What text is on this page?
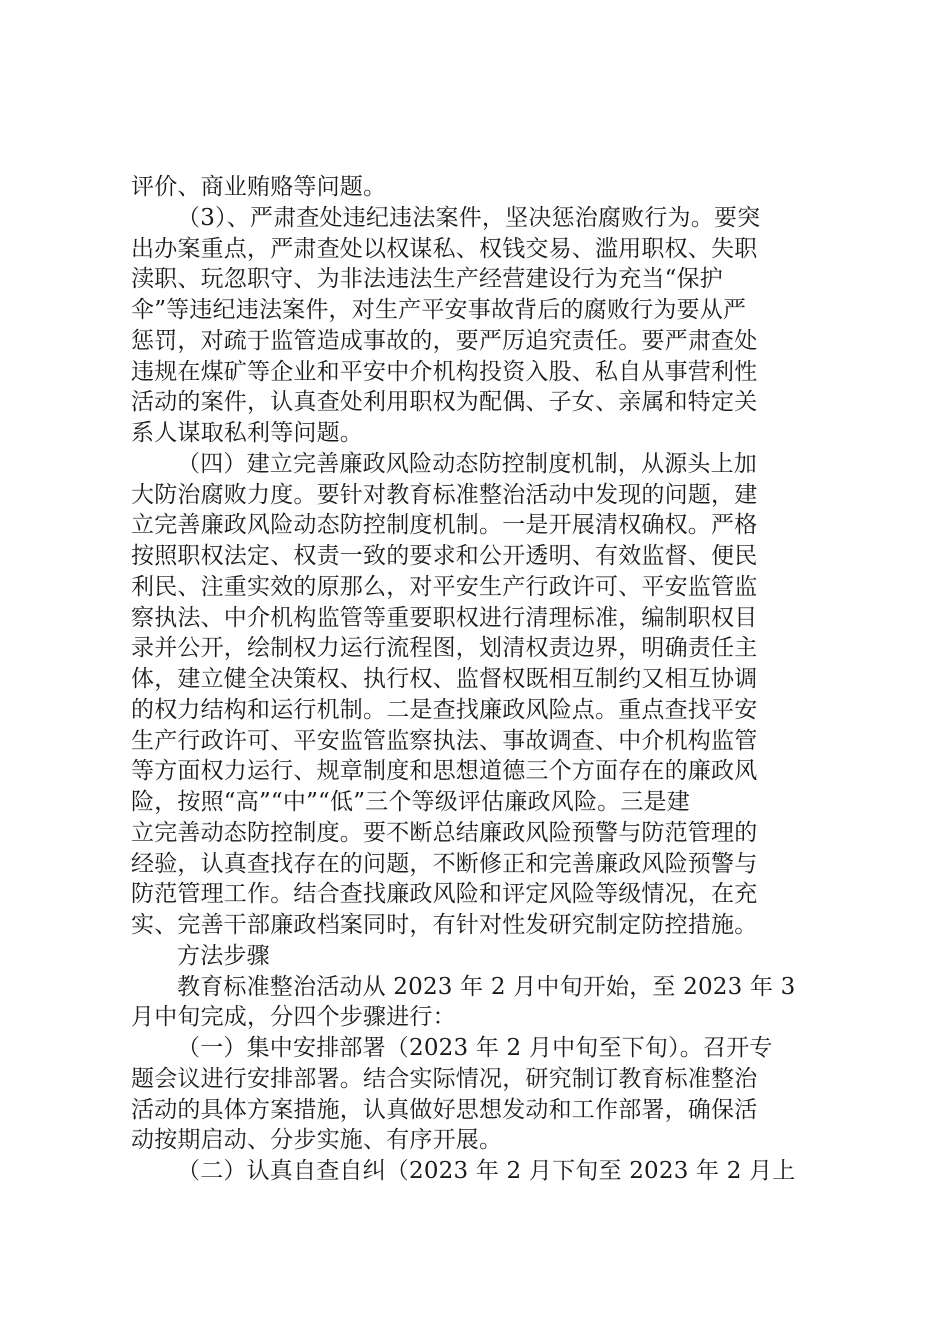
评价、商业贿赂等问题。
（3）、严肃查处违纪违法案件，坚决惩治腐败行为。要突
出办案重点，严肃查处以权谋私、权钱交易、滥用职权、失职
渎职、玩忽职守、为非法违法生产经营建设行为充当“保护
伞”等违纪违法案件，对生产平安事故背后的腐败行为要从严
惩罚，对疏于监管造成事故的，要严厉追究责任。要严肃查处
违规在煤矿等企业和平安中介机构投资入股、私自从事营利性
活动的案件，认真查处利用职权为配偶、子女、亲属和特定关
系人谋取私利等问题。
（四）建立完善廉政风险动态防控制度机制，从源头上加
大防治腐败力度。要针对教育标准整治活动中发现的问题，建
立完善廉政风险动态防控制度机制。一是开展清权确权。严格
按照职权法定、权责一致的要求和公开透明、有效监督、便民
利民、注重实效的原那么，对平安生产行政许可、平安监管监
察执法、中介机构监管等重要职权进行清理标准，编制职权目
录并公开，绘制权力运行流程图，划清权责边界，明确责任主
体，建立健全决策权、执行权、监督权既相互制约又相互协调
的权力结构和运行机制。二是查找廉政风险点。重点查找平安
生产行政许可、平安监管监察执法、事故调查、中介机构监管
等方面权力运行、规章制度和思想道德三个方面存在的廉政风
险，按照“高”“中”“低”三个等级评估廉政风险。三是建
立完善动态防控制度。要不断总结廉政风险预警与防范管理的
经验，认真查找存在的问题，不断修正和完善廉政风险预警与
防范管理工作。结合查找廉政风险和评定风险等级情况，在充
实、完善干部廉政档案同时，有针对性发研究制定防控措施。
方法步骤
教育标准整治活动从 2023 年 2 月中旬开始，至 2023 年 3
月中旬完成，分四个步骤进行：
（一）集中安排部署（2023 年 2 月中旬至下旬）。召开专
题会议进行安排部署。结合实际情况，研究制订教育标准整治
活动的具体方案措施，认真做好思想发动和工作部署，确保活
动按期启动、分步实施、有序开展。
（二）认真自查自纠（2023 年 2 月下旬至 2023 年 2 月上
